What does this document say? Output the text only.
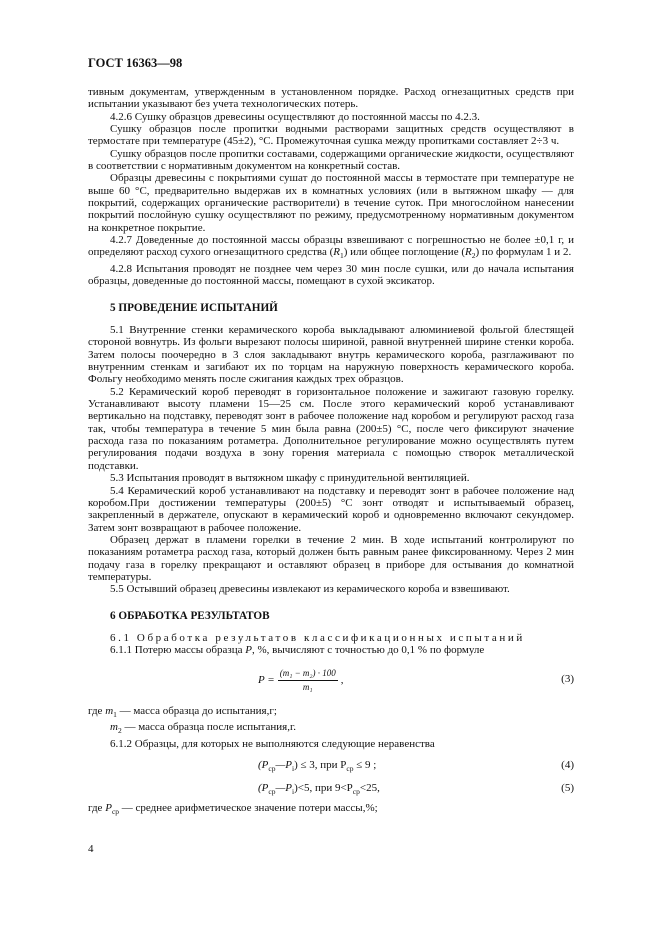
ГОСТ 16363—98

тивным документам, утвержденным в установленном порядке. Расход огнезащитных средств при испытании указывают без учета технологических потерь.

4.2.6 Сушку образцов древесины осуществляют до постоянной массы по 4.2.3.

Сушку образцов после пропитки водными растворами защитных средств осуществляют в термостате при температуре (45±2), °С. Промежуточная сушка между пропитками составляет 2÷3 ч.

Сушку образцов после пропитки составами, содержащими органические жидкости, осуществляют в соответствии с нормативным документом на конкретный состав.

Образцы древесины с покрытиями сушат до постоянной массы в термостате при температуре не выше 60 °С, предварительно выдержав их в комнатных условиях (или в вытяжном шкафу — для покрытий, содержащих органические растворители) в течение суток. При многослойном нанесении покрытий послойную сушку осуществляют по режиму, предусмотренному нормативным документом на конкретное покрытие.

4.2.7 Доведенные до постоянной массы образцы взвешивают с погрешностью не более ±0,1 г, и определяют расход сухого огнезащитного средства $(R_1)$ или общее поглощение $(R_2)$ по формулам 1 и 2.

4.2.8 Испытания проводят не позднее чем через 30 мин после сушки, или до начала испытания образцы, доведенные до постоянной массы, помещают в сухой эксикатор.

5 ПРОВЕДЕНИЕ ИСПЫТАНИЙ

5.1 Внутренние стенки керамического короба выкладывают алюминиевой фольгой блестящей стороной вовнутрь. Из фольги вырезают полосы шириной, равной внутренней ширине стенки короба. Затем полосы поочередно в 3 слоя закладывают внутрь керамического короба, разглаживают по внутренним стенкам и загибают их по торцам на наружную поверхность керамического короба. Фольгу необходимо менять после сжигания каждых трех образцов.

5.2 Керамический короб переводят в горизонтальное положение и зажигают газовую горелку. Устанавливают высоту пламени 15—25 см. После этого керамический короб устанавливают вертикально на подставку, переводят зонт в рабочее положение над коробом и регулируют расход газа так, чтобы температура в течение 5 мин была равна (200±5) °С, после чего фиксируют значение расхода газа по показаниям ротаметра. Дополнительное регулирование можно осуществлять путем регулирования подачи воздуха в зону горения материала с помощью створок металлической подставки.

5.3 Испытания проводят в вытяжном шкафу с принудительной вентиляцией.

5.4 Керамический короб устанавливают на подставку и переводят зонт в рабочее положение над коробом.При достижении температуры (200±5) °С зонт отводят и испытываемый образец, закрепленный в держателе, опускают в керамический короб и одновременно включают секундомер. Затем зонт возвращают в рабочее положение.

Образец держат в пламени горелки в течение 2 мин. В ходе испытаний контролируют по показаниям ротаметра расход газа, который должен быть равным ранее фиксированному. Через 2 мин подачу газа в горелку прекращают и оставляют образец в приборе для остывания до комнатной температуры.

5.5 Остывший образец древесины извлекают из керамического короба и взвешивают.

6 ОБРАБОТКА РЕЗУЛЬТАТОВ

6.1 Обработка результатов классификационных испытаний

6.1.1 Потерю массы образца P, %, вычисляют с точностью до 0,1 % по формуле

$P = \frac{\text{(m₁ − m₂) · 100}}{\text{m₁}}$ ,	(3)

где $m_1$ — масса образца до испытания,г;

$m_2$ — масса образца после испытания,г.

6.1.2 Образцы, для которых не выполняются следующие неравенства

$(P_{ср}—P_i) \le 3$, при $P_{ср} \le 9$ ;	(4)
$(P_{ср}—P_i)<5$, при $9<P_{ср}<25$,	(5)

где $P_{ср}$ — среднее арифметическое значение потери массы,%;

4
